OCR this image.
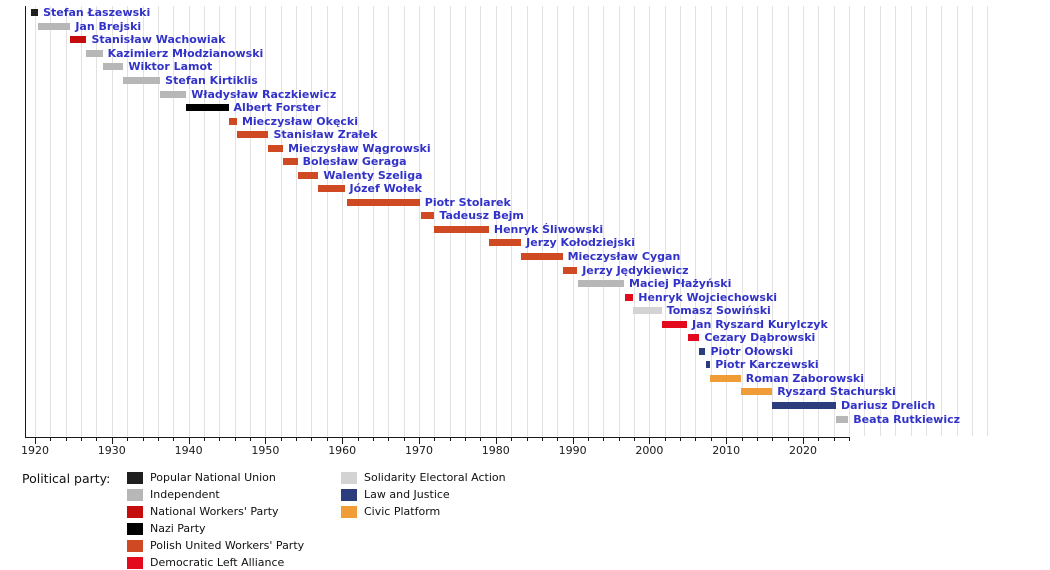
1920	1930	1940	1950	1960	1970	1980	1990	2000	2010	2020
Stefan Łaszewski
Jan Brejski
Stanisław Wachowiak
Kazimierz Młodzianowski
Wiktor Lamot
Stefan Kirtiklis
Władysław Raczkiewicz
Albert Forster
Mieczysław Okęcki
Stanisław Zrałek
Mieczysław Wągrowski
Bolesław Geraga
Walenty Szeliga
Józef Wołek
Piotr Stolarek
Tadeusz Bejm
Henryk Śliwowski
Jerzy Kołodziejski
Mieczysław Cygan
Jerzy Jędykiewicz
Maciej Płażyński
Henryk Wojciechowski
Tomasz Sowiński
Jan Ryszard Kurylczyk
Cezary Dąbrowski
Piotr Ołowski
Piotr Karczewski
Roman Zaborowski
Ryszard Stachurski
Dariusz Drelich
Beata Rutkiewicz
Political party:	Popular National Union
Independent
National Workers' Party
Nazi Party
Polish United Workers' Party
Democratic Left Alliance
Solidarity Electoral Action
Law and Justice
Civic Platform
